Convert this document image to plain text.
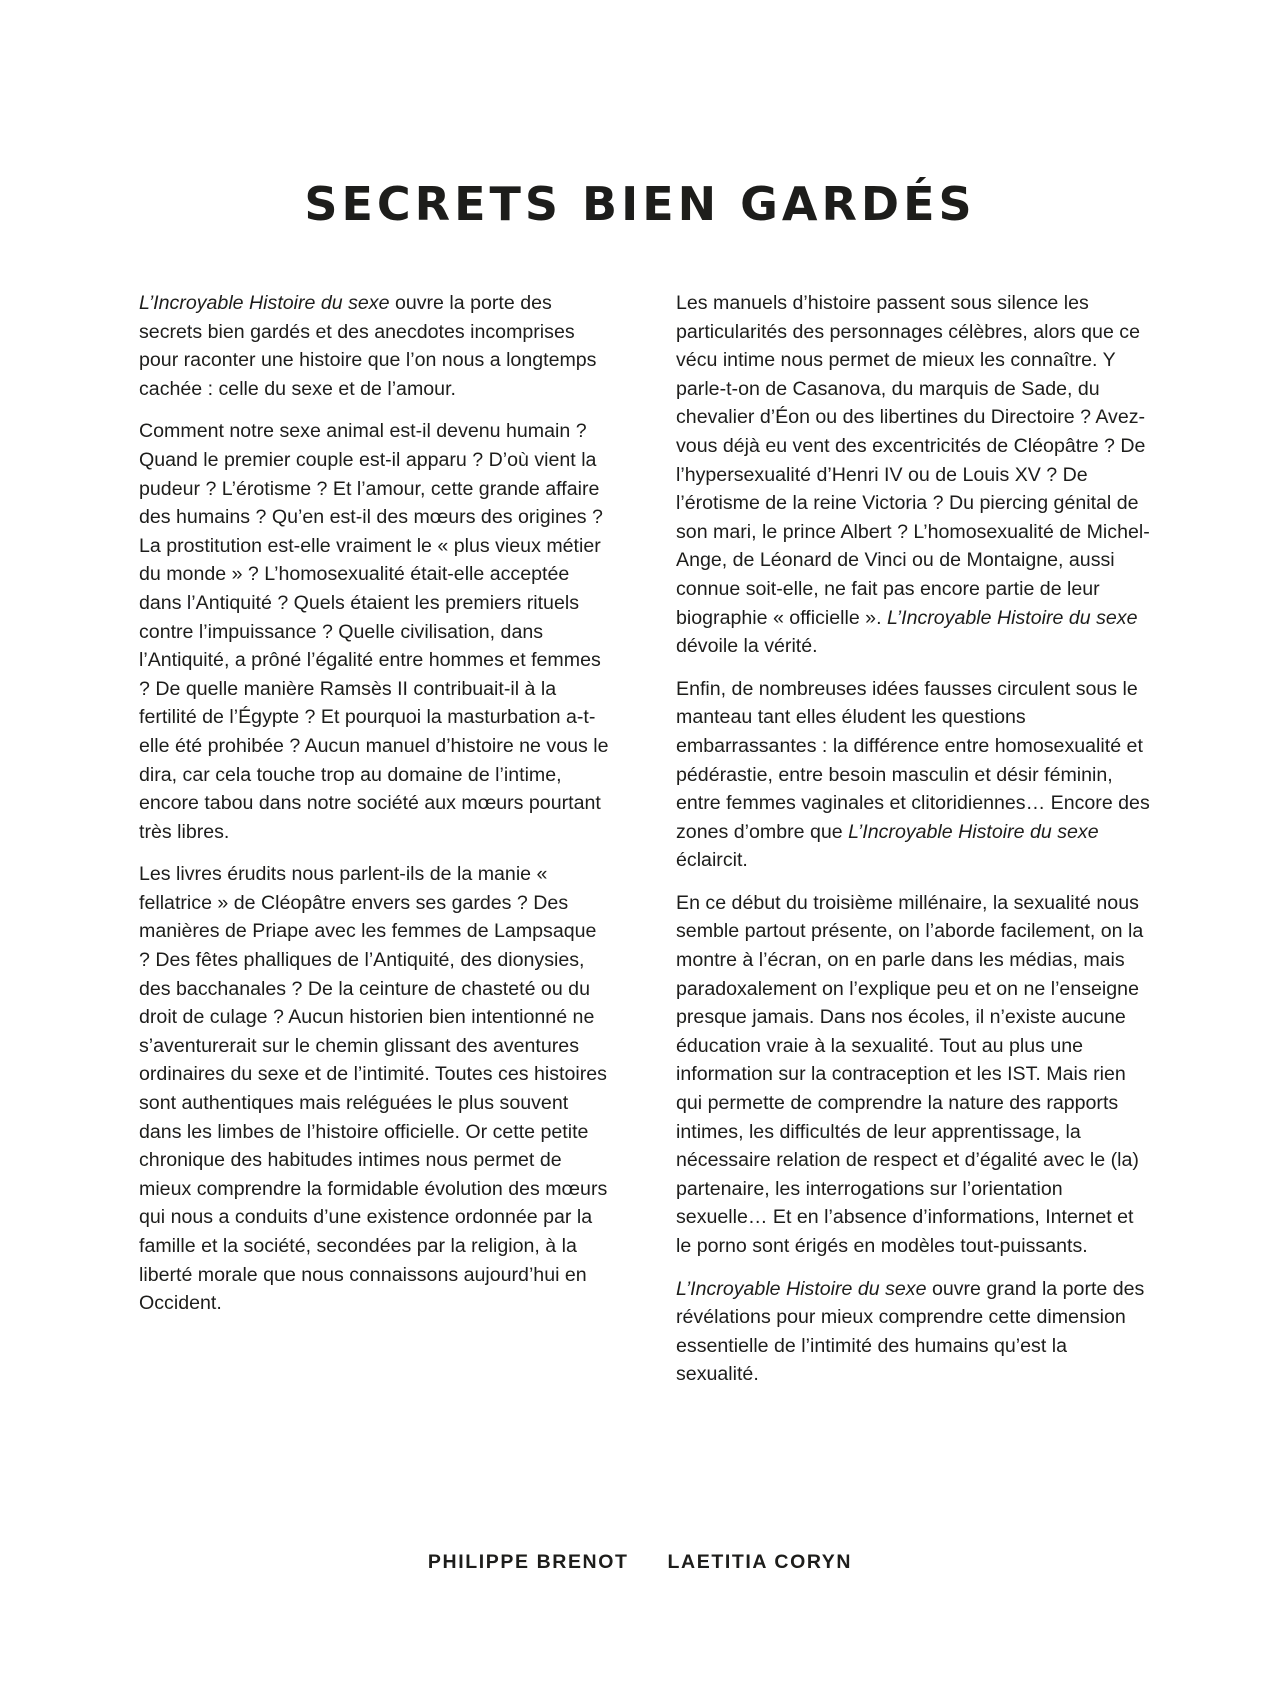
SECRETS BIEN GARDÉS

L’Incroyable Histoire du sexe ouvre la porte des secrets bien gardés et des anecdotes incomprises pour raconter une histoire que l’on nous a longtemps cachée : celle du sexe et de l’amour.

Comment notre sexe animal est-il devenu humain ? Quand le premier couple est-il apparu ? D’où vient la pudeur ? L’érotisme ? Et l’amour, cette grande affaire des humains ? Qu’en est-il des mœurs des origines ? La prostitution est-elle vraiment le « plus vieux métier du monde » ? L’homosexualité était-elle acceptée dans l’Antiquité ? Quels étaient les premiers rituels contre l’impuissance ? Quelle civilisation, dans l’Antiquité, a prôné l’égalité entre hommes et femmes ? De quelle manière Ramsès II contribuait-il à la fertilité de l’Égypte ? Et pourquoi la masturbation a-t-elle été prohibée ? Aucun manuel d’histoire ne vous le dira, car cela touche trop au domaine de l’intime, encore tabou dans notre société aux mœurs pourtant très libres.

Les livres érudits nous parlent-ils de la manie « fellatrice » de Cléopâtre envers ses gardes ? Des manières de Priape avec les femmes de Lampsaque ? Des fêtes phalliques de l’Antiquité, des dionysies, des bacchanales ? De la ceinture de chasteté ou du droit de culage ? Aucun historien bien intentionné ne s’aventurerait sur le chemin glissant des aventures ordinaires du sexe et de l’intimité. Toutes ces histoires sont authentiques mais reléguées le plus souvent dans les limbes de l’histoire officielle. Or cette petite chronique des habitudes intimes nous permet de mieux comprendre la formidable évolution des mœurs qui nous a conduits d’une existence ordonnée par la famille et la société, secondées par la religion, à la liberté morale que nous connaissons aujourd’hui en Occident.

Les manuels d’histoire passent sous silence les particularités des personnages célèbres, alors que ce vécu intime nous permet de mieux les connaître. Y parle-t-on de Casanova, du marquis de Sade, du chevalier d’Éon ou des libertines du Directoire ? Avez-vous déjà eu vent des excentricités de Cléopâtre ? De l’hypersexualité d’Henri IV ou de Louis XV ? De l’érotisme de la reine Victoria ? Du piercing génital de son mari, le prince Albert ? L’homosexualité de Michel-Ange, de Léonard de Vinci ou de Montaigne, aussi connue soit-elle, ne fait pas encore partie de leur biographie « officielle ». L’Incroyable Histoire du sexe dévoile la vérité.

Enfin, de nombreuses idées fausses circulent sous le manteau tant elles éludent les questions embarrassantes : la différence entre homosexualité et pédérastie, entre besoin masculin et désir féminin, entre femmes vaginales et clitoridiennes… Encore des zones d’ombre que L’Incroyable Histoire du sexe éclaircit.

En ce début du troisième millénaire, la sexualité nous semble partout présente, on l’aborde facilement, on la montre à l’écran, on en parle dans les médias, mais paradoxalement on l’explique peu et on ne l’enseigne presque jamais. Dans nos écoles, il n’existe aucune éducation vraie à la sexualité. Tout au plus une information sur la contraception et les IST. Mais rien qui permette de comprendre la nature des rapports intimes, les difficultés de leur apprentissage, la nécessaire relation de respect et d’égalité avec le (la) partenaire, les interrogations sur l’orientation sexuelle… Et en l’absence d’informations, Internet et le porno sont érigés en modèles tout-puissants.

L’Incroyable Histoire du sexe ouvre grand la porte des révélations pour mieux comprendre cette dimension essentielle de l’intimité des humains qu’est la sexualité.

PHILIPPE BRENOT LAETITIA CORYN
